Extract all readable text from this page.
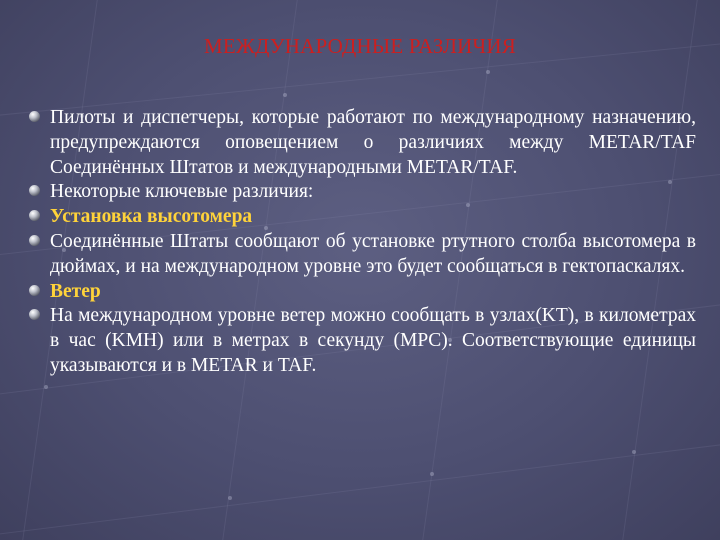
МЕЖДУНАРОДНЫЕ РАЗЛИЧИЯ
Пилоты и диспетчеры, которые работают по международному назначению, предупреждаются оповещением о различиях между METAR/TAF Соединённых Штатов и международными METAR/TAF.
Некоторые ключевые различия:
Установка высотомера
Соединённые Штаты сообщают об установке ртутного столба высотомера в дюймах, и на международном уровне это будет сообщаться в гектопаскалях.
Ветер
На международном уровне ветер можно сообщать в узлах(KT), в километрах в час (KMH) или в метрах в секунду (MPC). Соответствующие единицы указываются и в METAR и TAF.
